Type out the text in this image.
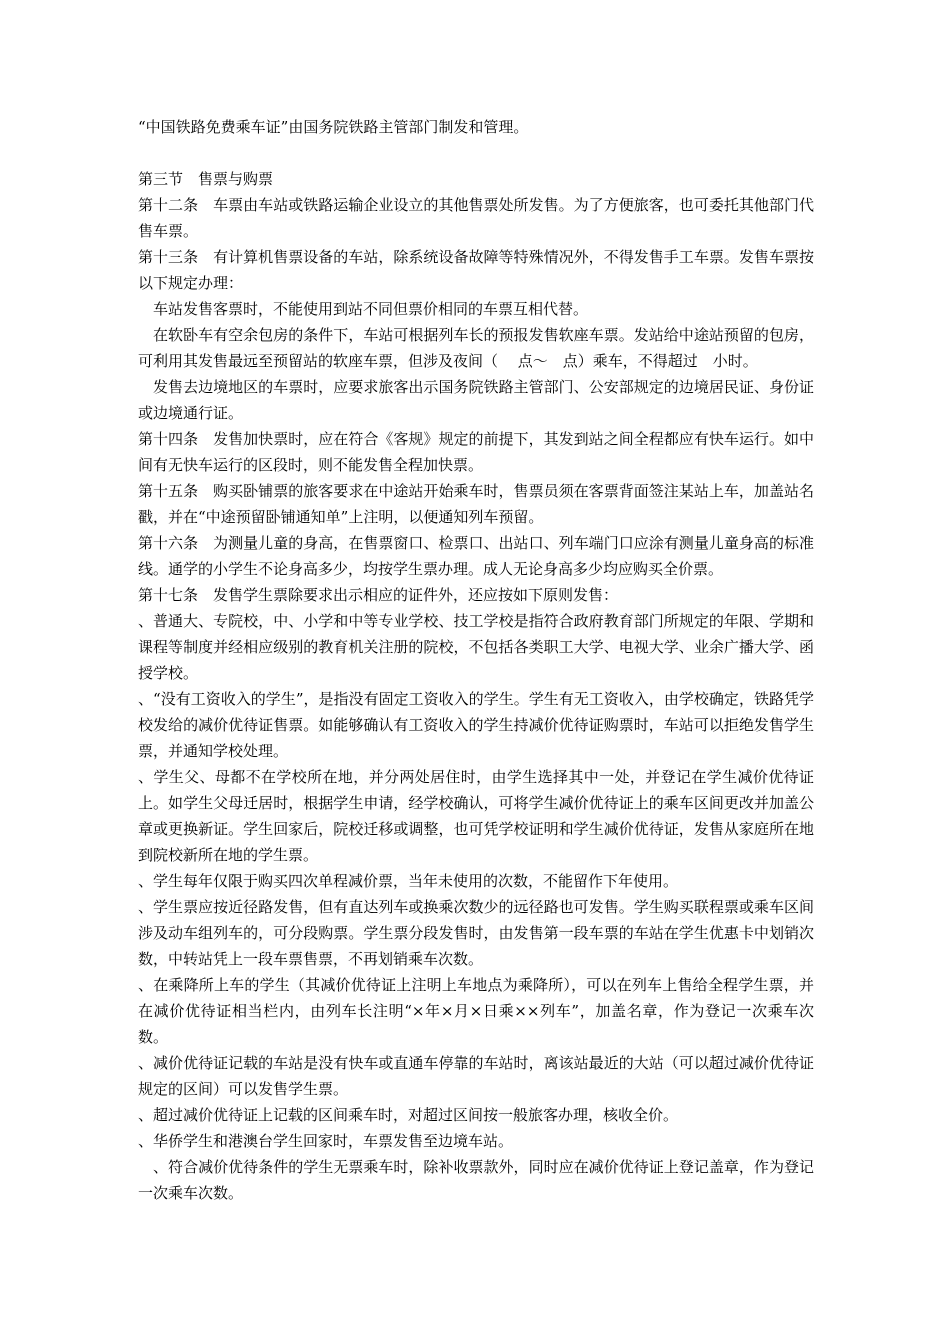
“中国铁路免费乘车证”由国务院铁路主管部门制发和管理。

第三节　售票与购票

第十二条　车票由车站或铁路运输企业设立的其他售票处所发售。为了方便旅客，也可委托其他部门代售车票。

第十三条　有计算机售票设备的车站，除系统设备故障等特殊情况外，不得发售手工车票。发售车票按以下规定办理：

　车站发售客票时，不能使用到站不同但票价相同的车票互相代替。

　在软卧车有空余包房的条件下，车站可根据列车长的预报发售软座车票。发站给中途站预留的包房，可利用其发售最远至预留站的软座车票，但涉及夜间（　 点～　点）乘车，不得超过　小时。

　发售去边境地区的车票时，应要求旅客出示国务院铁路主管部门、公安部规定的边境居民证、身份证或边境通行证。

第十四条　发售加快票时，应在符合《客规》规定的前提下，其发到站之间全程都应有快车运行。如中间有无快车运行的区段时，则不能发售全程加快票。

第十五条　购买卧铺票的旅客要求在中途站开始乘车时，售票员须在客票背面签注某站上车，加盖站名戳，并在“中途预留卧铺通知单”上注明，以便通知列车预留。

第十六条　为测量儿童的身高，在售票窗口、检票口、出站口、列车端门口应涂有测量儿童身高的标准线。通学的小学生不论身高多少，均按学生票办理。成人无论身高多少均应购买全价票。

第十七条　发售学生票除要求出示相应的证件外，还应按如下原则发售：

、普通大、专院校，中、小学和中等专业学校、技工学校是指符合政府教育部门所规定的年限、学期和课程等制度并经相应级别的教育机关注册的院校，不包括各类职工大学、电视大学、业余广播大学、函授学校。

、“没有工资收入的学生”，是指没有固定工资收入的学生。学生有无工资收入，由学校确定，铁路凭学校发给的减价优待证售票。如能够确认有工资收入的学生持减价优待证购票时，车站可以拒绝发售学生票，并通知学校处理。

、学生父、母都不在学校所在地，并分两处居住时，由学生选择其中一处，并登记在学生减价优待证上。如学生父母迁居时，根据学生申请，经学校确认，可将学生减价优待证上的乘车区间更改并加盖公章或更换新证。学生回家后，院校迁移或调整，也可凭学校证明和学生减价优待证，发售从家庭所在地到院校新所在地的学生票。

、学生每年仅限于购买四次单程减价票，当年未使用的次数，不能留作下年使用。

、学生票应按近径路发售，但有直达列车或换乘次数少的远径路也可发售。学生购买联程票或乘车区间涉及动车组列车的，可分段购票。学生票分段发售时，由发售第一段车票的车站在学生优惠卡中划销次数，中转站凭上一段车票售票，不再划销乘车次数。

、在乘降所上车的学生（其减价优待证上注明上车地点为乘降所），可以在列车上售给全程学生票，并在减价优待证相当栏内，由列车长注明“×年×月×日乘××列车”，加盖名章，作为登记一次乘车次数。

、减价优待证记载的车站是没有快车或直通车停靠的车站时，离该站最近的大站（可以超过减价优待证规定的区间）可以发售学生票。

、超过减价优待证上记载的区间乘车时，对超过区间按一般旅客办理，核收全价。

、华侨学生和港澳台学生回家时，车票发售至边境车站。

　、符合减价优待条件的学生无票乘车时，除补收票款外，同时应在减价优待证上登记盖章，作为登记一次乘车次数。
